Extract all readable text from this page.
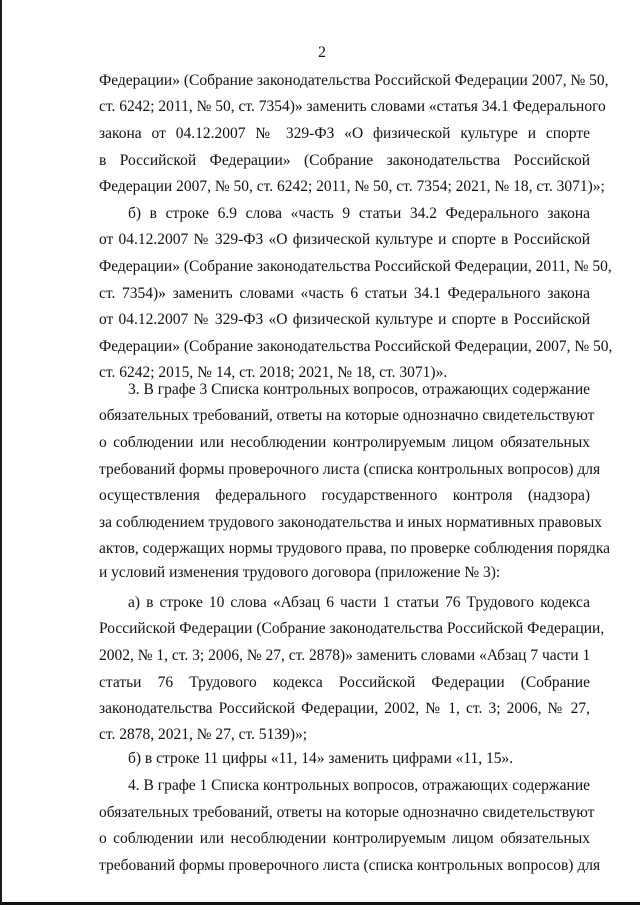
2
Федерации» (Собрание законодательства Российской Федерации 2007, № 50,
ст. 6242; 2011, № 50, ст. 7354)» заменить словами «статья 34.1 Федерального
закона от 04.12.2007 № 329-ФЗ «О физической культуре и спорте
в Российской Федерации» (Собрание законодательства Российской
Федерации 2007, № 50, ст. 6242; 2011, № 50, ст. 7354; 2021, № 18, ст. 3071)»;
б) в строке 6.9 слова «часть 9 статьи 34.2 Федерального закона
от 04.12.2007 № 329-ФЗ «О физической культуре и спорте в Российской
Федерации» (Собрание законодательства Российской Федерации, 2011, № 50,
ст. 7354)» заменить словами «часть 6 статьи 34.1 Федерального закона
от 04.12.2007 № 329-ФЗ «О физической культуре и спорте в Российской
Федерации» (Собрание законодательства Российской Федерации, 2007, № 50,
ст. 6242; 2015, № 14, ст. 2018; 2021, № 18, ст. 3071)».
3. В графе 3 Списка контрольных вопросов, отражающих содержание
обязательных требований, ответы на которые однозначно свидетельствуют
о соблюдении или несоблюдении контролируемым лицом обязательных
требований формы проверочного листа (списка контрольных вопросов) для
осуществления федерального государственного контроля (надзора)
за соблюдением трудового законодательства и иных нормативных правовых
актов, содержащих нормы трудового права, по проверке соблюдения порядка
и условий изменения трудового договора (приложение № 3):
а) в строке 10 слова «Абзац 6 части 1 статьи 76 Трудового кодекса
Российской Федерации (Собрание законодательства Российской Федерации,
2002, № 1, ст. 3; 2006, № 27, ст. 2878)» заменить словами «Абзац 7 части 1
статьи 76 Трудового кодекса Российской Федерации (Собрание
законодательства Российской Федерации, 2002, № 1, ст. 3; 2006, № 27,
ст. 2878, 2021, № 27, ст. 5139)»;
б) в строке 11 цифры «11, 14» заменить цифрами «11, 15».
4. В графе 1 Списка контрольных вопросов, отражающих содержание
обязательных требований, ответы на которые однозначно свидетельствуют
о соблюдении или несоблюдении контролируемым лицом обязательных
требований формы проверочного листа (списка контрольных вопросов) для
